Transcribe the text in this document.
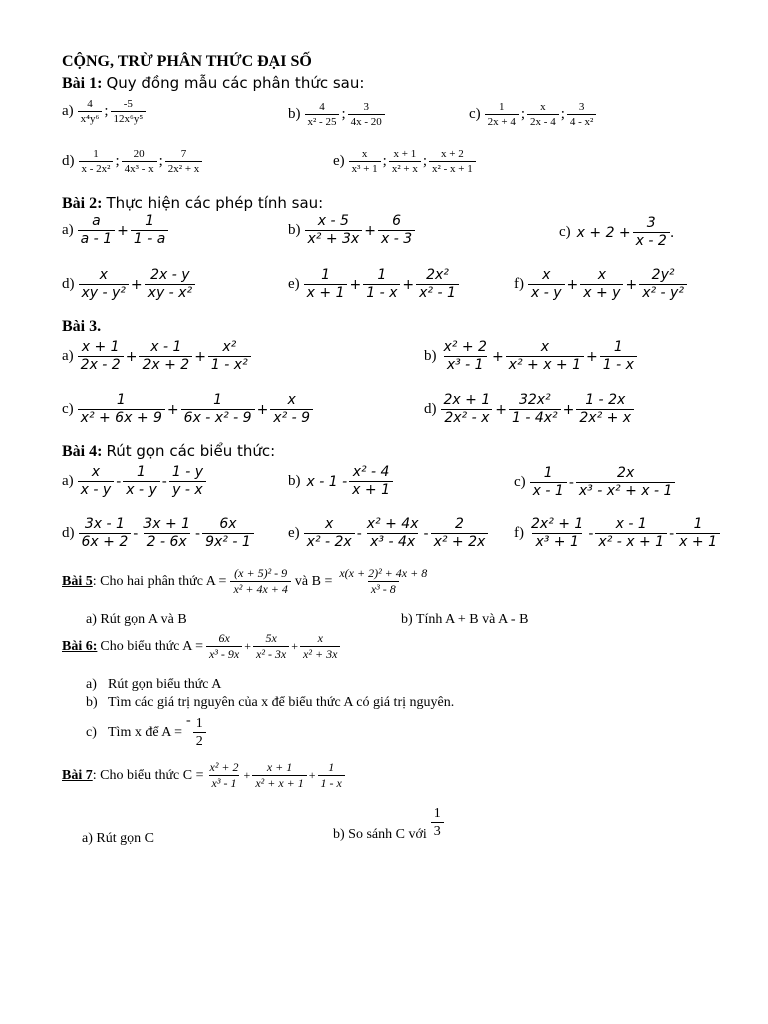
CỘNG, TRỪ PHÂN THỨC ĐẠI SỐ
Bài 1: Quy đồng mẫu các phân thức sau:
$a) \frac{4}{\text{x⁴y⁶}}$ ; $\frac{-5}{\text{12x⁶y⁵}}$	$b) \frac{4}{\text{x² - 25}}$ ; $\frac{3}{4x - 20}$	$c) \frac{1}{2x + 4}$ ; $\frac{x}{2x - 4}$ ; $\frac{3}{\text{4 - x²}}$
$d) \frac{1}{\text{x - 2x²}}$ ; $\frac{20}{\text{4x³ - x}}$ ; $\frac{7}{\text{2x² + x}}$	$e) \frac{x}{\text{x³ + 1}}$ ; $\frac{x + 1}{\text{x² + x}}$ ; $\frac{x + 2}{\text{x² - x + 1}}$
Bài 2: Thực hiện các phép tính sau:
$a) \frac{a}{a - 1} + \frac{1}{1 - a}$	$b) \frac{x - 5}{\text{x² + 3x}} + \frac{6}{x - 3}$	c) $x + 2 + \frac{3}{x - 2}$ .
$d) \frac{x}{\text{xy - y²}} + \frac{2x - y}{\text{xy - x²}}$	$e) \frac{1}{x + 1} + \frac{1}{1 - x} + \frac{\text{2x²}}{\text{x² - 1}}$	$f) \frac{x}{x - y} + \frac{x}{x + y} + \frac{\text{2y²}}{\text{x² - y²}}$
Bài 3.
$a) \frac{x + 1}{2x - 2} + \frac{x - 1}{2x + 2} + \frac{\text{x²}}{\text{1 - x²}}$	$b) \frac{\text{x² + 2}}{\text{x³ - 1}} + \frac{x}{\text{x² + x + 1}} + \frac{1}{1 - x}$
$c) \frac{1}{\text{x² + 6x + 9}} + \frac{1}{\text{6x - x² - 9}} + \frac{x}{\text{x² - 9}}$	$d) \frac{2x + 1}{\text{2x² - x}} + \frac{\text{32x²}}{\text{1 - 4x²}} + \frac{1 - 2x}{\text{2x² + x}}$
Bài 4: Rút gọn các biểu thức:
$a) \frac{x}{x - y} - \frac{1}{x - y} - \frac{1 - y}{y - x}$	b) x - $1 - \frac{\text{x² - 4}}{x + 1}$	$c) \frac{1}{x - 1} - \frac{2x}{\text{x³ - x² + x - 1}}$
$d) \frac{3x - 1}{6x + 2} - \frac{3x + 1}{2 - 6x} - \frac{6x}{\text{9x² - 1}} e) \frac{x}{\text{x² - 2x}} - \frac{\text{x² + 4x}}{\text{x³ - 4x}} - \frac{2}{\text{x² + 2x}} f) \frac{\text{2x² + 1}}{\text{x³ + 1}} - \frac{x - 1}{\text{x² - x + 1}} - \frac{1}{x + 1}$
Bài 5 : Cho hai phân thức $A = \frac{\text{(x + 5)² - 9}}{\text{x² + 4x + 4}}$ và $B = \frac{\text{x(x + 2)² + 4x + 8}}{\text{x³ - 8}}$
a) Rút gọn A và B	b) Tính A + B và A - B
Bài 6: Cho biểu thức $A = \frac{6x}{\text{x³ - 9x}} + \frac{5x}{\text{x² - 3x}} + \frac{x}{\text{x² + 3x}}$
a) Rút gọn biểu thức A
b) Tìm các giá trị nguyên của x để biểu thức A có giá trị nguyên.
c) Tìm x để A =
- $\frac{1}{2}$
Bài 7 : Cho biểu thức $C = \frac{\text{x² + 2}}{\text{x³ - 1}} + \frac{x + 1}{\text{x² + x + 1}} + \frac{1}{1 - x}$
a) Rút gọn C	b) So sánh C với $\frac{1}{3}$
